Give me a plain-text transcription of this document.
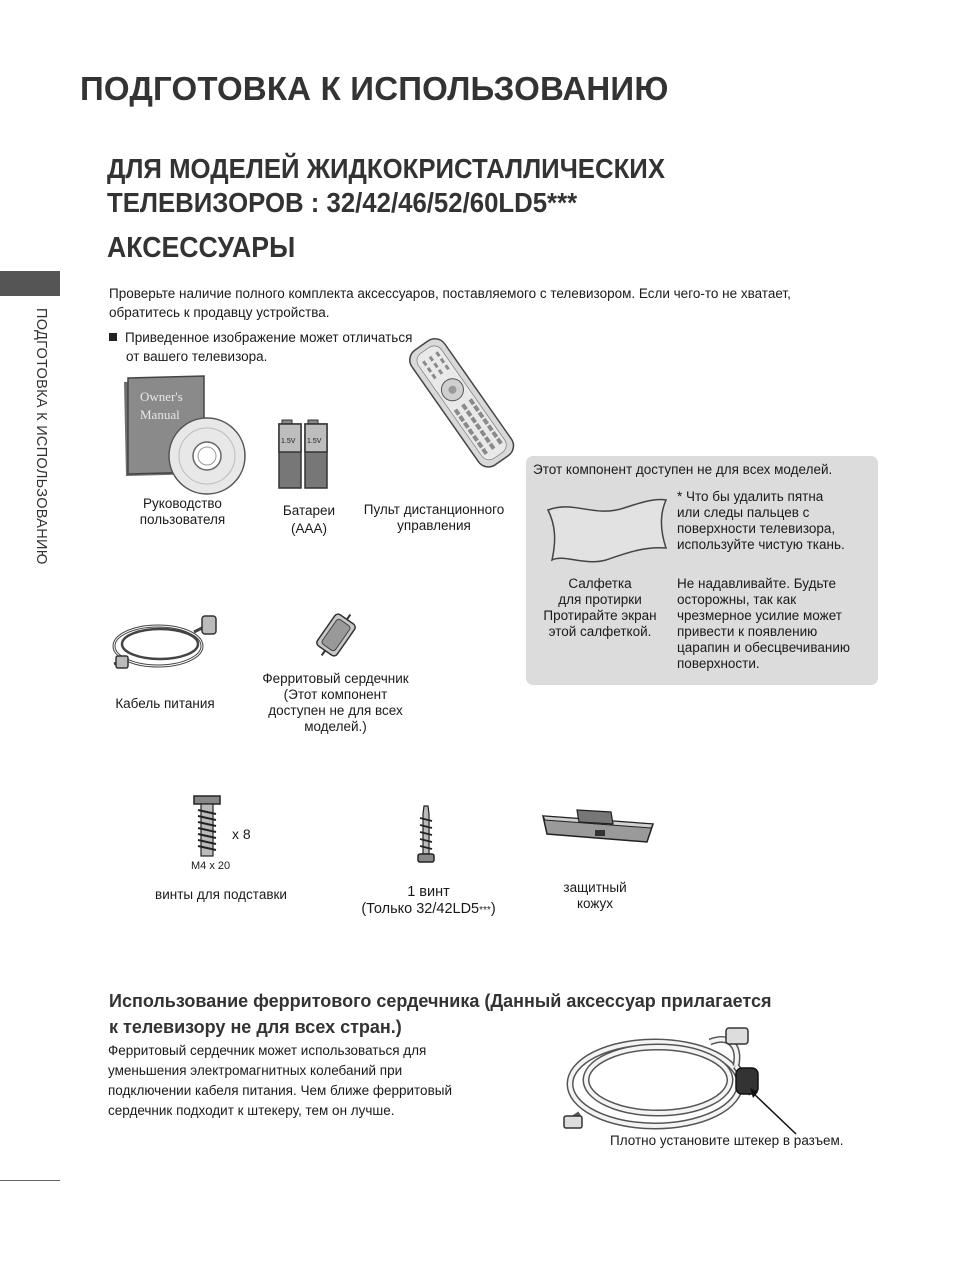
ПОДГОТОВКА К ИСПОЛЬЗОВАНИЮ
ДЛЯ МОДЕЛЕЙ ЖИДКОКРИСТАЛЛИЧЕСКИХ
ТЕЛЕВИЗОРОВ : 32/42/46/52/60LD5***
АКСЕССУАРЫ
ПОДГОТОВКА К ИСПОЛЬЗОВАНИЮ
Проверьте наличие полного комплекта аксессуаров, поставляемого с телевизором. Если чего-то не хватает,
обратитесь к продавцу устройства.
Приведенное изображение может отличаться
от вашего телевизора.
Owner's
Manual
Руководство
пользователя
1.5V 1.5V
Батареи
(AAA)
Пульт дистанционного
управления
Этот компонент доступен не для всех моделей.
Салфетка
для протирки
Протирайте экран
этой салфеткой.
* Что бы удалить пятна
или следы пальцев с
поверхности телевизора,
используйте чистую ткань.
Не надавливайте. Будьте
осторожны, так как
чрезмерное усилие может
привести к появлению
царапин и обесцвечиванию
поверхности.
Кабель питания
Ферритовый сердечник
(Этот компонент
доступен не для всех
моделей.)
x 8
M4 x 20
винты для подставки	1 винт
(Только 32/42LD5***)
защитный
кожух
Использование ферритового сердечника (Данный аксессуар прилагается
к телевизору не для всех стран.)
Ферритовый сердечник может использоваться для
уменьшения электромагнитных колебаний при
подключении кабеля питания. Чем ближе ферритовый
сердечник подходит к штекеру, тем он лучше.
Плотно установите штекер в разъем.
